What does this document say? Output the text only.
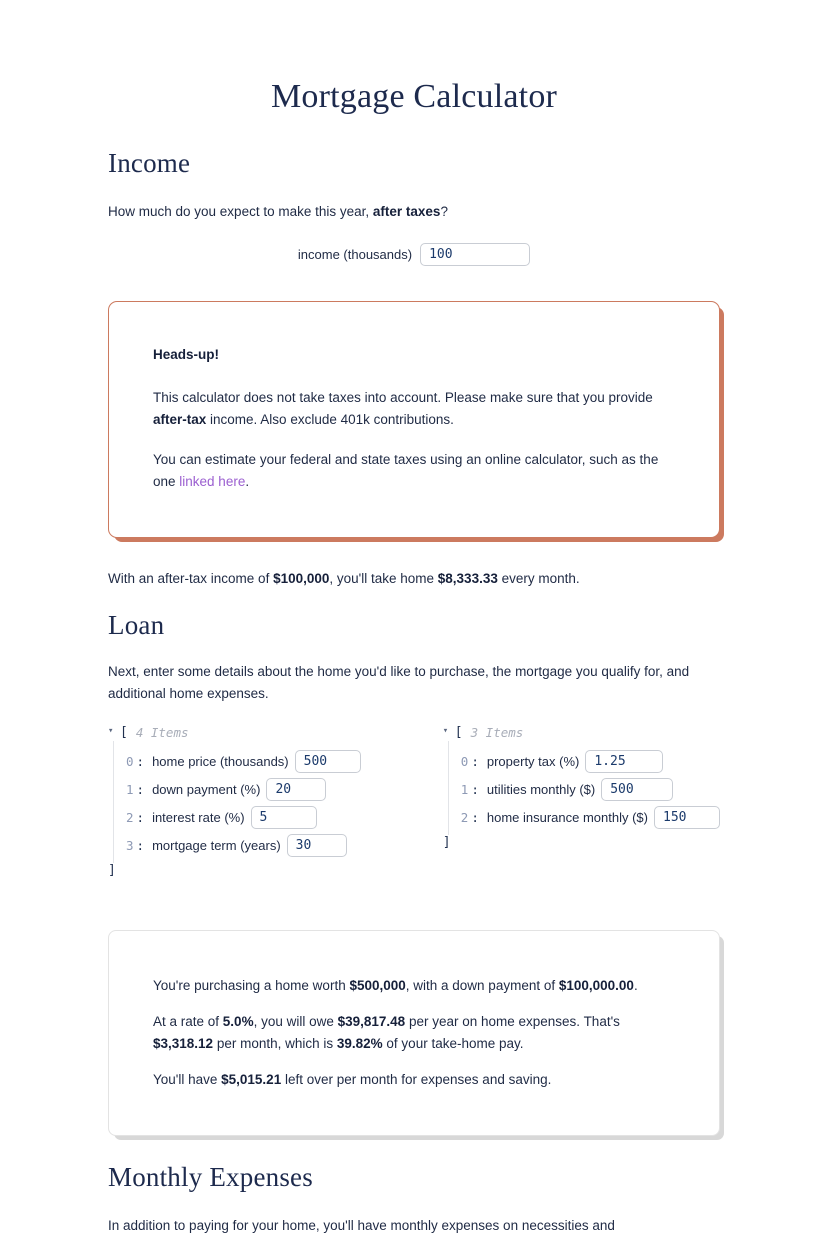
Mortgage Calculator
Income

How much do you expect to make this year, after taxes?

income (thousands)
100

Heads-up!

This calculator does not take taxes into account. Please make sure that you provide after-tax income. Also exclude 401k contributions.

You can estimate your federal and state taxes using an online calculator, such as the one linked here.

With an after-tax income of $100,000, you'll take home $8,333.33 every month.

Loan

Next, enter some details about the home you'd like to purchase, the mortgage you qualify for, and additional home expenses.

▾ [ 4 Items
0 : home price (thousands)
500
1 : down payment (%)
20
2 : interest rate (%)
5
3 : mortgage term (years)
30
]
▾ [ 3 Items
0 : property tax (%)
1.25
1 : utilities monthly ($)
500
2 : home insurance monthly ($)
150
]

You're purchasing a home worth $500,000, with a down payment of $100,000.00.

At a rate of 5.0%, you will owe $39,817.48 per year on home expenses. That's $3,318.12 per month, which is 39.82% of your take-home pay.

You'll have $5,015.21 left over per month for expenses and saving.

Monthly Expenses

In addition to paying for your home, you'll have monthly expenses on necessities and
